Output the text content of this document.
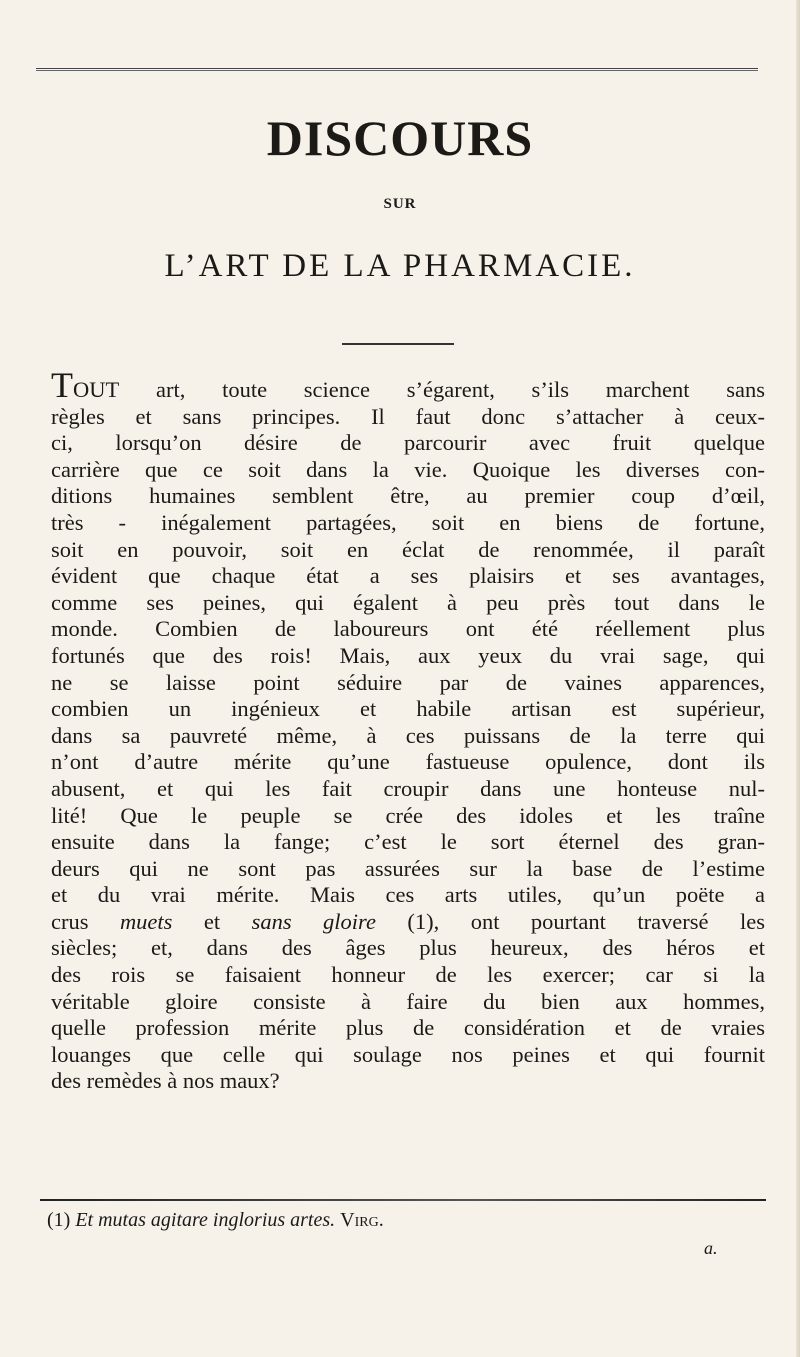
DISCOURS
SUR
L’ART DE LA PHARMACIE.
TOUT art, toute science s’égarent, s’ils marchent sans
règles et sans principes. Il faut donc s’attacher à ceux-
ci, lorsqu’on désire de parcourir avec fruit quelque
carrière que ce soit dans la vie. Quoique les diverses con-
ditions humaines semblent être, au premier coup d’œil,
très - inégalement partagées, soit en biens de fortune,
soit en pouvoir, soit en éclat de renommée, il paraît
évident que chaque état a ses plaisirs et ses avantages,
comme ses peines, qui égalent à peu près tout dans le
monde. Combien de laboureurs ont été réellement plus
fortunés que des rois! Mais, aux yeux du vrai sage, qui
ne se laisse point séduire par de vaines apparences,
combien un ingénieux et habile artisan est supérieur,
dans sa pauvreté même, à ces puissans de la terre qui
n’ont d’autre mérite qu’une fastueuse opulence, dont ils
abusent, et qui les fait croupir dans une honteuse nul-
lité! Que le peuple se crée des idoles et les traîne
ensuite dans la fange; c’est le sort éternel des gran-
deurs qui ne sont pas assurées sur la base de l’estime
et du vrai mérite. Mais ces arts utiles, qu’un poëte a
crus muets et sans gloire (1), ont pourtant traversé les
siècles; et, dans des âges plus heureux, des héros et
des rois se faisaient honneur de les exercer; car si la
véritable gloire consiste à faire du bien aux hommes,
quelle profession mérite plus de considération et de vraies
louanges que celle qui soulage nos peines et qui fournit
des remèdes à nos maux?
(1) Et mutas agitare inglorius artes. Virg.
a.
